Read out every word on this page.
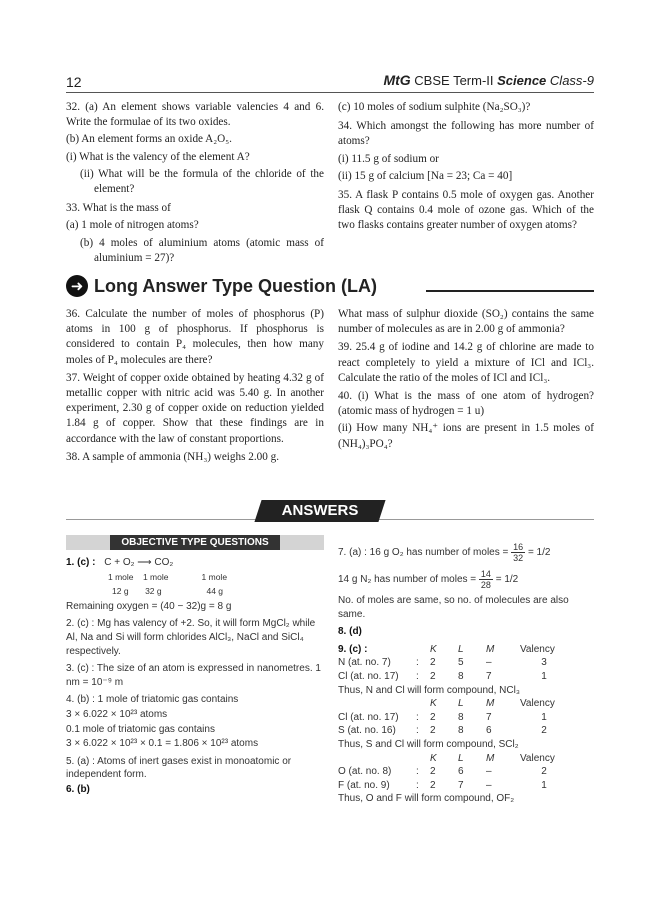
12	MtG CBSE Term-II Science Class-9

32. (a) An element shows variable valencies 4 and 6. Write the formulae of its two oxides.

(b) An element forms an oxide A₂O₅.

(i) What is the valency of the element A?

(ii) What will be the formula of the chloride of the element?

33. What is the mass of

(a) 1 mole of nitrogen atoms?

(b) 4 moles of aluminium atoms (atomic mass of aluminium = 27)?

(c) 10 moles of sodium sulphite (Na₂SO₃)?

34. Which amongst the following has more number of atoms?

(i) 11.5 g of sodium or

(ii) 15 g of calcium [Na = 23; Ca = 40]

35. A flask P contains 0.5 mole of oxygen gas. Another flask Q contains 0.4 mole of ozone gas. Which of the two flasks contains greater number of oxygen atoms?

➜ Long Answer Type Question (LA)

36. Calculate the number of moles of phosphorus (P) atoms in 100 g of phosphorus. If phosphorus is considered to contain P₄ molecules, then how many moles of P₄ molecules are there?

37. Weight of copper oxide obtained by heating 4.32 g of metallic copper with nitric acid was 5.40 g. In another experiment, 2.30 g of copper oxide on reduction yielded 1.84 g of copper. Show that these findings are in accordance with the law of constant proportions.

38. A sample of ammonia (NH₃) weighs 2.00 g.

What mass of sulphur dioxide (SO₂) contains the same number of molecules as are in 2.00 g of ammonia?

39. 25.4 g of iodine and 14.2 g of chlorine are made to react completely to yield a mixture of ICl and ICl₃. Calculate the ratio of the moles of ICl and ICl₃.

40. (i) What is the mass of one atom of hydrogen? (atomic mass of hydrogen = 1 u)

(ii) How many NH₄⁺ ions are present in 1.5 moles of (NH₄)₃PO₄?

ANSWERS
OBJECTIVE TYPE QUESTIONS

1. (c) : C + O₂ ⟶ CO₂

1 mole    1 mole              1 mole

12 g       32 g                   44 g

Remaining oxygen = (40 − 32)g = 8 g

2. (c) : Mg has valency of +2. So, it will form MgCl₂ while Al, Na and Si will form chlorides AlCl₃, NaCl and SiCl₄ respectively.

3. (c) : The size of an atom is expressed in nanometres. 1 nm = 10⁻⁹ m

4. (b) : 1 mole of triatomic gas contains

3 × 6.022 × 10²³ atoms

0.1 mole of triatomic gas contains

3 × 6.022 × 10²³ × 0.1 = 1.806 × 10²³ atoms

5. (a) : Atoms of inert gases exist in monoatomic or independent form.

6. (b)

7. (a) : 16 g O₂ has number of moles = $\frac{16}{32} = 1/2$

14 g N₂ has number of moles = $\frac{14}{28} = 1/2$

No. of moles are same, so no. of molecules are also same.

8. (d)

9. (c) :		K	L	M	Valency
N (at. no. 7)	:	2	5	–	3
Cl (at. no. 17)	:	2	8	7	1
Thus, N and Cl will form compound, NCl₃					
		K	L	M	Valency
Cl (at. no. 17)	:	2	8	7	1
S (at. no. 16)	:	2	8	6	2
Thus, S and Cl will form compound, SCl₂					
		K	L	M	Valency
O (at. no. 8)	:	2	6	–	2
F (at. no. 9)	:	2	7	–	1
Thus, O and F will form compound, OF₂					
